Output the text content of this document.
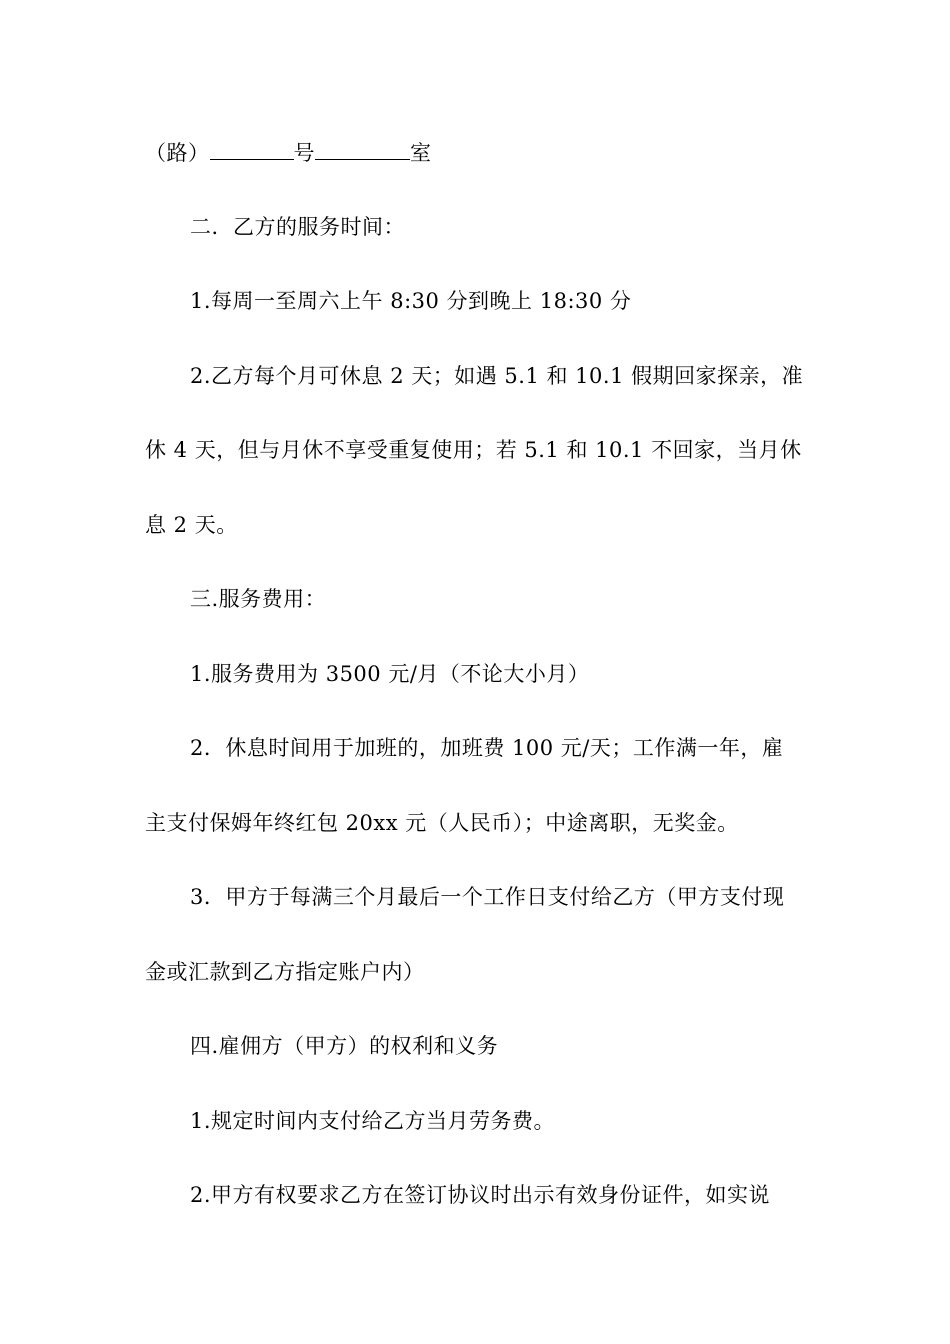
（路）	号	室
二．乙方的服务时间：
1.每周一至周六上午 8:30 分到晚上 18:30 分
2.乙方每个月可休息 2 天；如遇 5.1 和 10.1 假期回家探亲，准
休 4 天，但与月休不享受重复使用；若 5.1 和 10.1 不回家，当月休
息 2 天。
三.服务费用：
1.服务费用为 3500 元/月（不论大小月）
2．休息时间用于加班的，加班费 100 元/天；工作满一年，雇
主支付保姆年终红包 20xx 元（人民币）；中途离职，无奖金。
3．甲方于每满三个月最后一个工作日支付给乙方（甲方支付现
金或汇款到乙方指定账户内）
四.雇佣方（甲方）的权利和义务
1.规定时间内支付给乙方当月劳务费。
2.甲方有权要求乙方在签订协议时出示有效身份证件，如实说
